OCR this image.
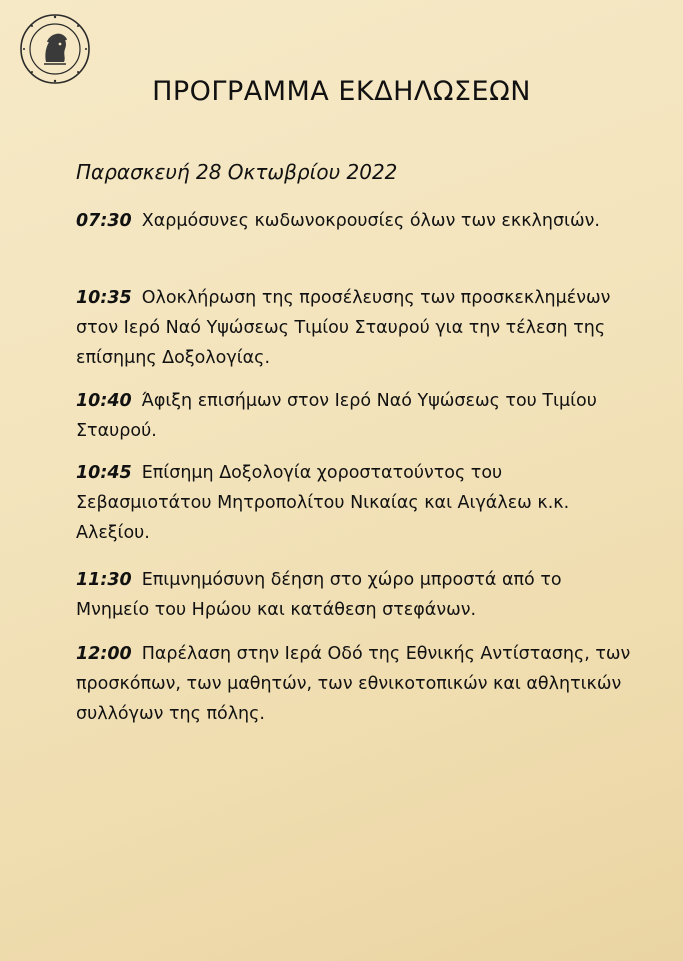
ΠΡΟΓΡΑΜΜΑ ΕΚΔΗΛΩΣΕΩΝ
Παρασκευή 28 Οκτωβρίου 2022
07:30 Χαρμόσυνες κωδωνοκρουσίες όλων των εκκλησιών.
10:35 Ολοκλήρωση της προσέλευσης των προσκεκλημένων στον Ιερό Ναό Υψώσεως Τιμίου Σταυρού για την τέλεση της επίσημης Δοξολογίας.
10:40 Άφιξη επισήμων στον Ιερό Ναό Υψώσεως του Τιμίου Σταυρού.
10:45 Επίσημη Δοξολογία χοροστατούντος του Σεβασμιοτάτου Μητροπολίτου Νικαίας και Αιγάλεω κ.κ. Αλεξίου.
11:30 Επιμνημόσυνη δέηση στο χώρο μπροστά από το Μνημείο του Ηρώου και κατάθεση στεφάνων.
12:00 Παρέλαση στην Ιερά Οδό της Εθνικής Αντίστασης, των προσκόπων, των μαθητών, των εθνικοτοπικών και αθλητικών συλλόγων της πόλης.
